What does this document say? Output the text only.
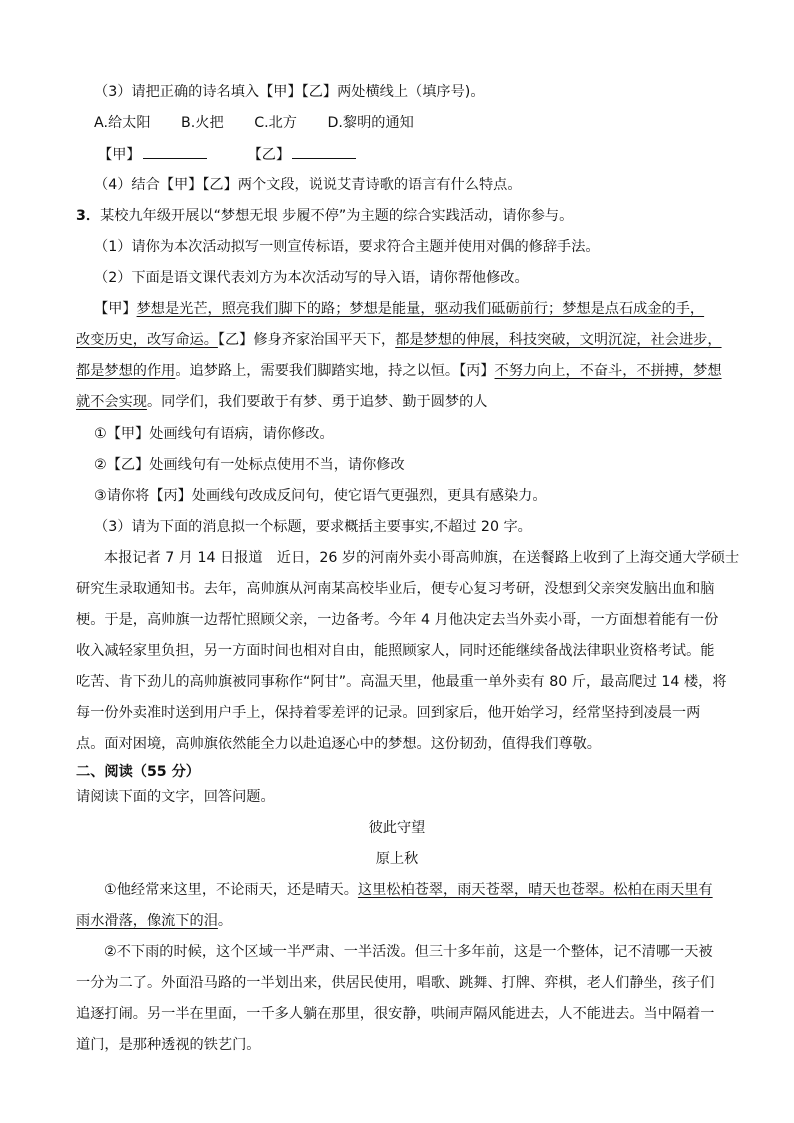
（3）请把正确的诗名填入【甲】【乙】两处横线上（填序号)。
A.给太阳 B.火把 C.北方 D.黎明的通知
【甲】	【乙】
（4）结合【甲】【乙】两个文段，说说艾青诗歌的语言有什么特点。
3．某校九年级开展以“梦想无垠 步履不停”为主题的综合实践活动，请你参与。
（1）请你为本次活动拟写一则宣传标语，要求符合主题并使用对偶的修辞手法。
（2）下面是语文课代表刘方为本次活动写的导入语，请你帮他修改。
【甲】梦想是光芒，照亮我们脚下的路；梦想是能量，驱动我们砥砺前行；梦想是点石成金的手，
改变历史，改写命运。【乙】修身齐家治国平天下，都是梦想的伸展，科技突破，文明沉淀，社会进步，
都是梦想的作用。追梦路上，需要我们脚踏实地，持之以恒。【丙】不努力向上，不奋斗，不拼搏，梦想
就不会实现。同学们，我们要敢于有梦、勇于追梦、勤于圆梦的人
①【甲】处画线句有语病，请你修改。
②【乙】处画线句有一处标点使用不当，请你修改
③请你将【丙】处画线句改成反问句，使它语气更强烈，更具有感染力。
（3）请为下面的消息拟一个标题，要求概括主要事实,不超过 20 字。
本报记者 7 月 14 日报道　近日，26 岁的河南外卖小哥高帅旗，在送餐路上收到了上海交通大学硕士
研究生录取通知书。去年，高帅旗从河南某高校毕业后，便专心复习考研，没想到父亲突发脑出血和脑
梗。于是，高帅旗一边帮忙照顾父亲，一边备考。今年 4 月他决定去当外卖小哥，一方面想着能有一份
收入减轻家里负担，另一方面时间也相对自由，能照顾家人，同时还能继续备战法律职业资格考试。能
吃苦、肯下劲儿的高帅旗被同事称作“阿甘”。高温天里，他最重一单外卖有 80 斤，最高爬过 14 楼，将
每一份外卖准时送到用户手上，保持着零差评的记录。回到家后，他开始学习，经常坚持到凌晨一两
点。面对困境，高帅旗依然能全力以赴追逐心中的梦想。这份韧劲，值得我们尊敬。
二、阅读（55 分）
请阅读下面的文字，回答问题。
彼此守望
原上秋
①他经常来这里，不论雨天，还是晴天。这里松柏苍翠，雨天苍翠，晴天也苍翠。松柏在雨天里有
雨水滑落，像流下的泪。
②不下雨的时候，这个区域一半严肃、一半活泼。但三十多年前，这是一个整体，记不清哪一天被
一分为二了。外面沿马路的一半划出来，供居民使用，唱歌、跳舞、打牌、弈棋，老人们静坐，孩子们
追逐打闹。另一半在里面，一千多人躺在那里，很安静，哄闹声隔风能进去，人不能进去。当中隔着一
道门，是那种透视的铁艺门。
